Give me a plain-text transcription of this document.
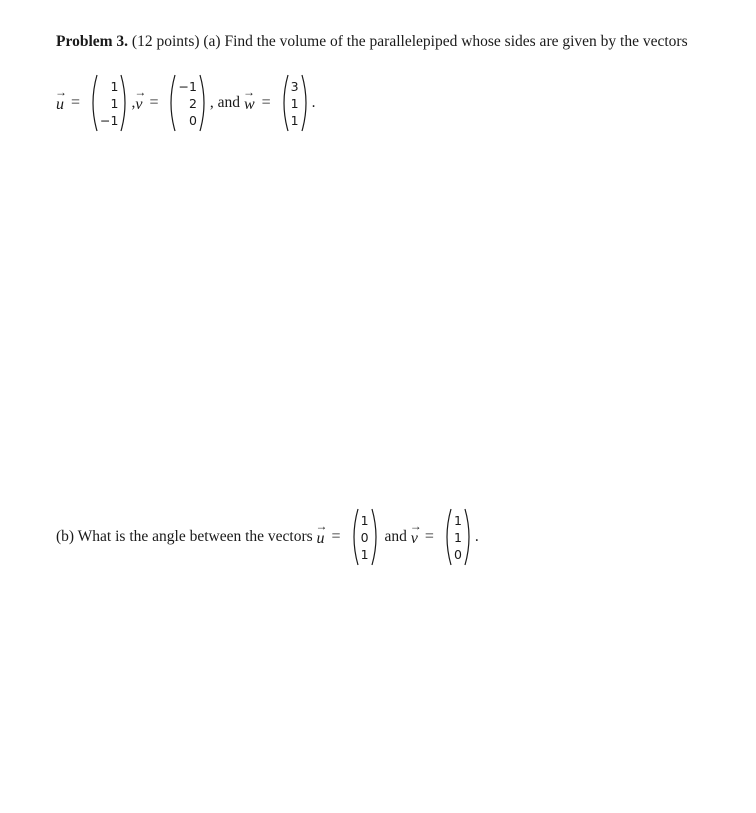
Problem 3. (12 points) (a) Find the volume of the parallelepiped whose sides are given by the vectors
→
u =
1
1
−1
,
→
v =
−1
2
0
, and

→
w =
3
1
1
.
(b) What is the angle between the vectors

→
u =
1
0
1
and

→
v =
1
1
0
.
